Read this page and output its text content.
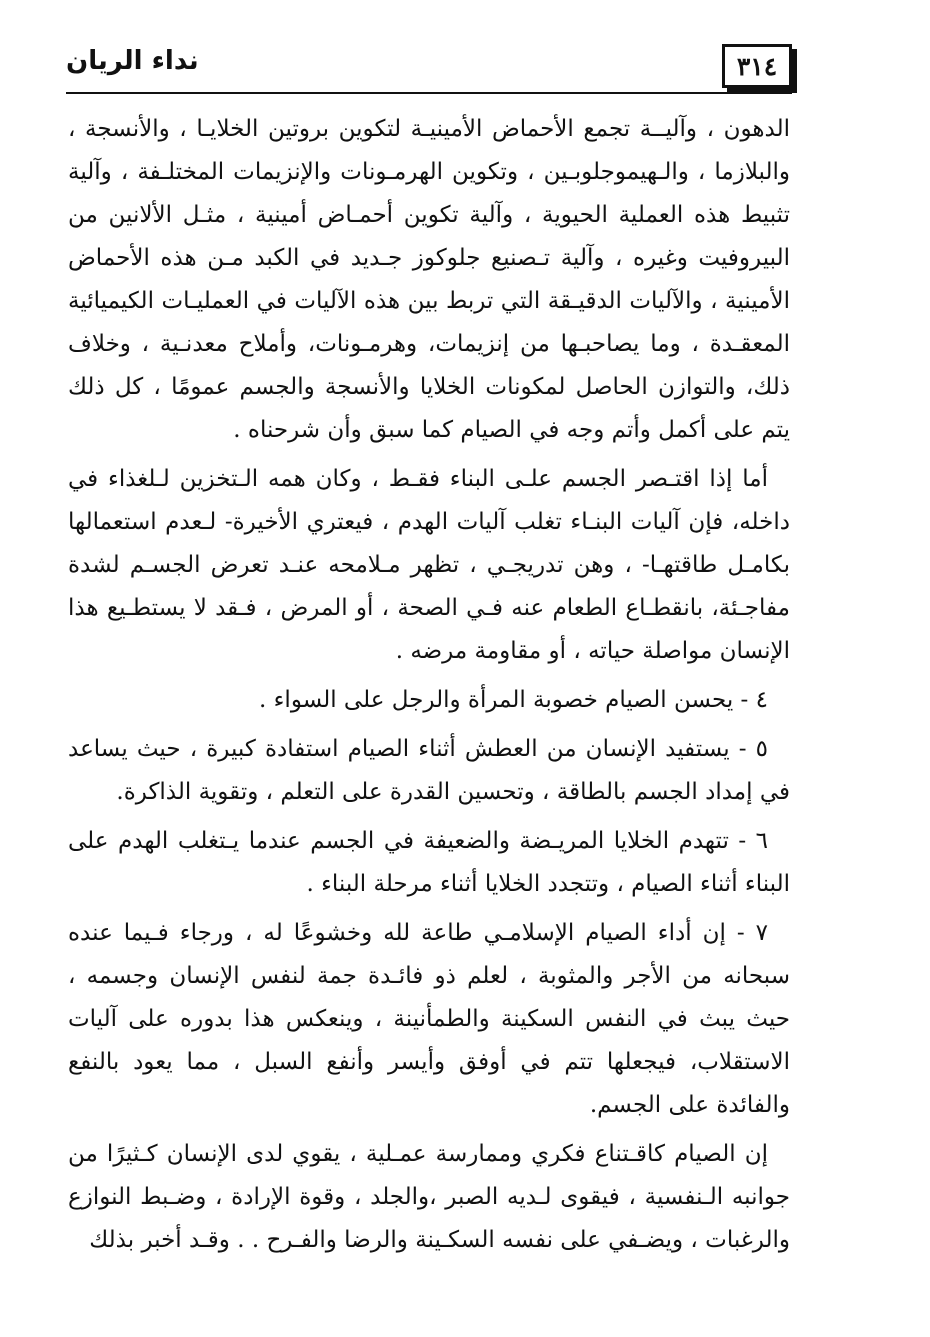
٣١٤
نداء الريان

الدهون ، وآليــة تجمع الأحماض الأمينيـة لتكوين بروتين الخلايـا ، والأنسجة ، والبلازما ، والـهيموجلوبـين ، وتكوين الهرمـونات والإنزيمات المختلـفة ، وآلية تثبيط هذه العملية الحيوية ، وآلية تكوين أحمـاض أمينية ، مثـل الألانين من البيروفيت وغيره ، وآلية تـصنيع جلوكوز جـديد في الكبد مـن هذه الأحماض الأمينية ، والآليات الدقيـقة التي تربط بين هذه الآليات في العمليـات الكيميائية المعقـدة ، وما يصاحبـها من إنزيمات، وهرمـونات، وأملاح معدنـية ، وخلاف ذلك، والتوازن الحاصل لمكونات الخلايا والأنسجة والجسم عمومًا ، كل ذلك يتم على أكمل وأتم وجه في الصيام كما سبق وأن شرحناه .

أما إذا اقتـصر الجسم علـى البناء فقـط ، وكان همه الـتخزين لـلغذاء في داخله، فإن آليات البنـاء تغلب آليات الهدم ، فيعتري الأخيرة- لـعدم استعمالها بكامـل طاقتهـا- ، وهن تدريجـي ، تظهر مـلامحه عنـد تعرض الجسـم لشدة مفاجـئة، بانقطـاع الطعام عنه فـي الصحة ، أو المرض ، فـقد لا يستطـيع هذا الإنسان مواصلة حياته ، أو مقاومة مرضه .

٤ - يحسن الصيام خصوبة المرأة والرجل على السواء .

٥ - يستفيد الإنسان من العطش أثناء الصيام استفادة كبيرة ، حيث يساعد في إمداد الجسم بالطاقة ، وتحسين القدرة على التعلم ، وتقوية الذاكرة.

٦ - تتهدم الخلايا المريـضة والضعيفة في الجسم عندما يـتغلب الهدم على البناء أثناء الصيام ، وتتجدد الخلايا أثناء مرحلة البناء .

٧ - إن أداء الصيام الإسلامـي طاعة لله وخشوعًا له ، ورجاء فـيما عنده سبحانه من الأجر والمثوبة ، لعلم ذو فائـدة جمة لنفس الإنسان وجسمه ، حيث يبث في النفس السكينة والطمأنينة ، وينعكس هذا بدوره على آليات الاستقلاب، فيجعلها تتم في أوفق وأيسر وأنفع السبل ، مما يعود بالنفع والفائدة على الجسم.

إن الصيام كاقـتناع فكري وممارسة عمـلية ، يقوي لدى الإنسان كـثيرًا من جوانبه الـنفسية ، فيقوى لـديه الصبر ،والجلد ، وقوة الإرادة ، وضـبط النوازع والرغبات ، ويضـفي على نفسه السكـينة والرضا والفـرح . . وقـد أخبر بذلك
